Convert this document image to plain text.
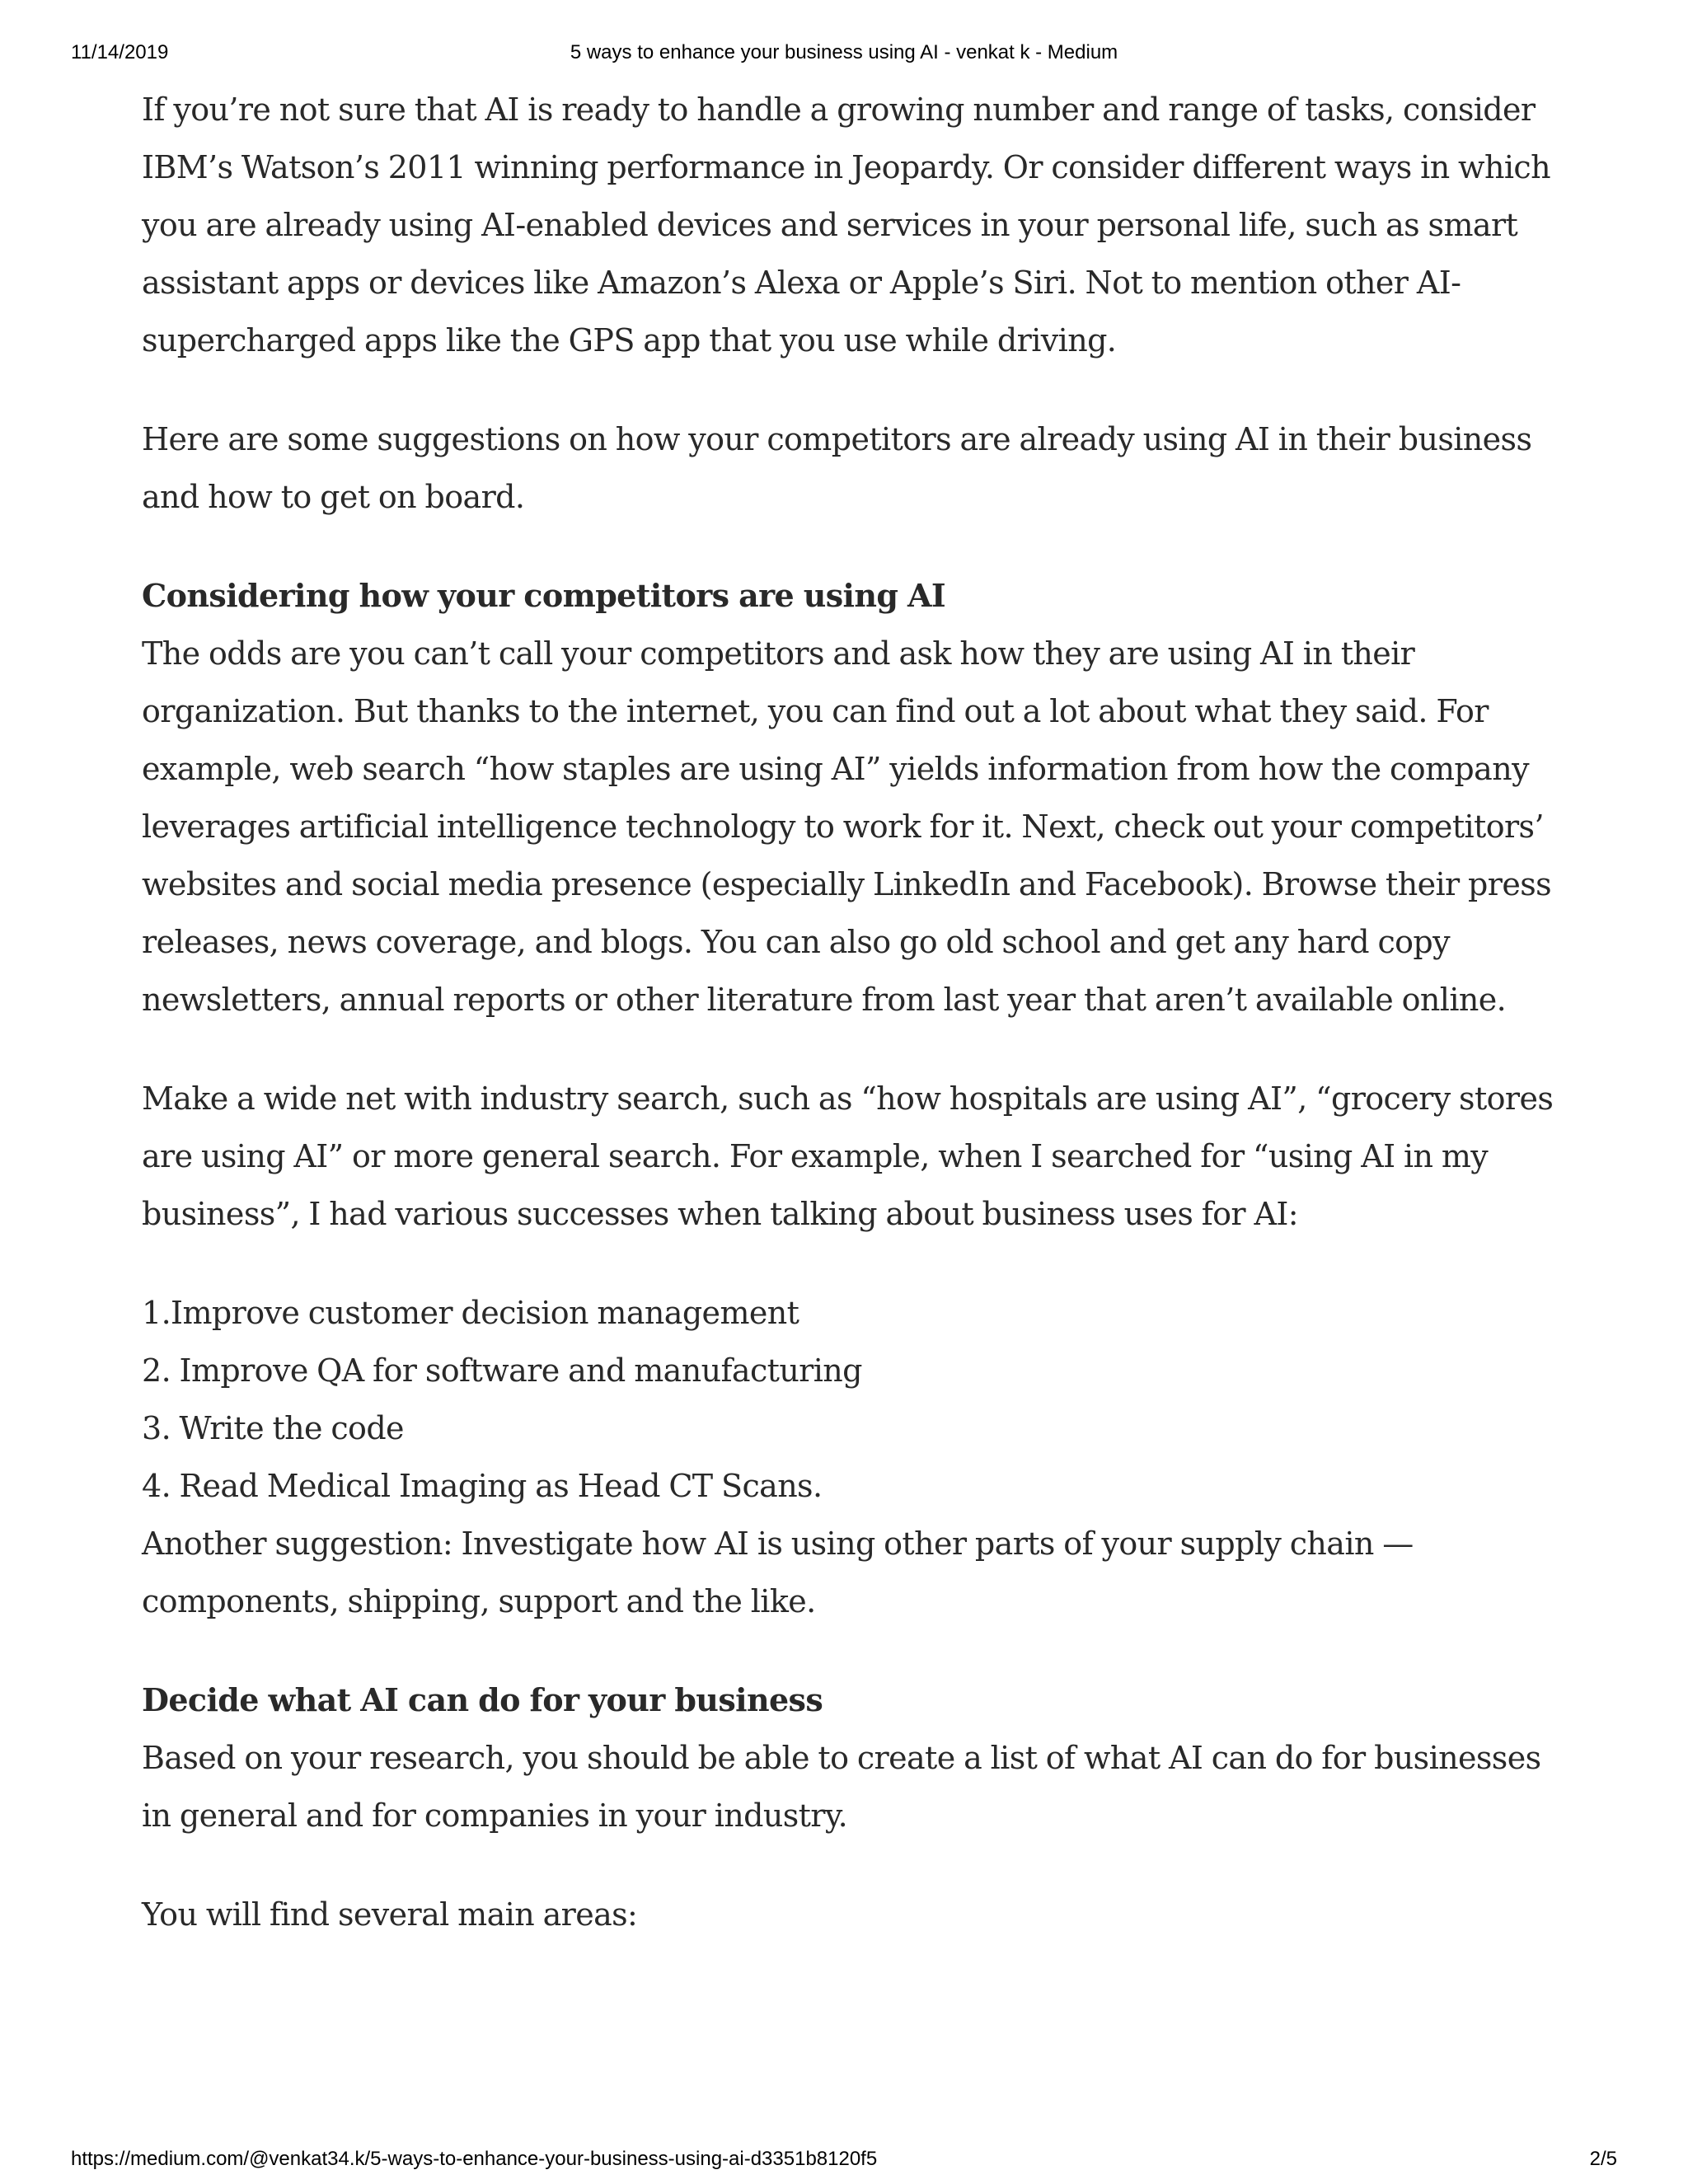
11/14/2019	5 ways to enhance your business using AI - venkat k - Medium

If you’re not sure that AI is ready to handle a growing number and range of tasks, consider IBM’s Watson’s 2011 winning performance in Jeopardy. Or consider different ways in which you are already using AI-enabled devices and services in your personal life, such as smart assistant apps or devices like Amazon’s Alexa or Apple’s Siri. Not to mention other AI-supercharged apps like the GPS app that you use while driving.

Here are some suggestions on how your competitors are already using AI in their business and how to get on board.

Considering how your competitors are using AI

The odds are you can’t call your competitors and ask how they are using AI in their organization. But thanks to the internet, you can find out a lot about what they said. For example, web search “how staples are using AI” yields information from how the company leverages artificial intelligence technology to work for it. Next, check out your competitors’ websites and social media presence (especially LinkedIn and Facebook). Browse their press releases, news coverage, and blogs. You can also go old school and get any hard copy newsletters, annual reports or other literature from last year that aren’t available online.

Make a wide net with industry search, such as “how hospitals are using AI”, “grocery stores are using AI” or more general search. For example, when I searched for “using AI in my business”, I had various successes when talking about business uses for AI:

1.Improve customer decision management
2. Improve QA for software and manufacturing
3. Write the code
4. Read Medical Imaging as Head CT Scans.

Another suggestion: Investigate how AI is using other parts of your supply chain — components, shipping, support and the like.

Decide what AI can do for your business

Based on your research, you should be able to create a list of what AI can do for businesses in general and for companies in your industry.

You will find several main areas:

https://medium.com/@venkat34.k/5-ways-to-enhance-your-business-using-ai-d3351b8120f5	2/5
